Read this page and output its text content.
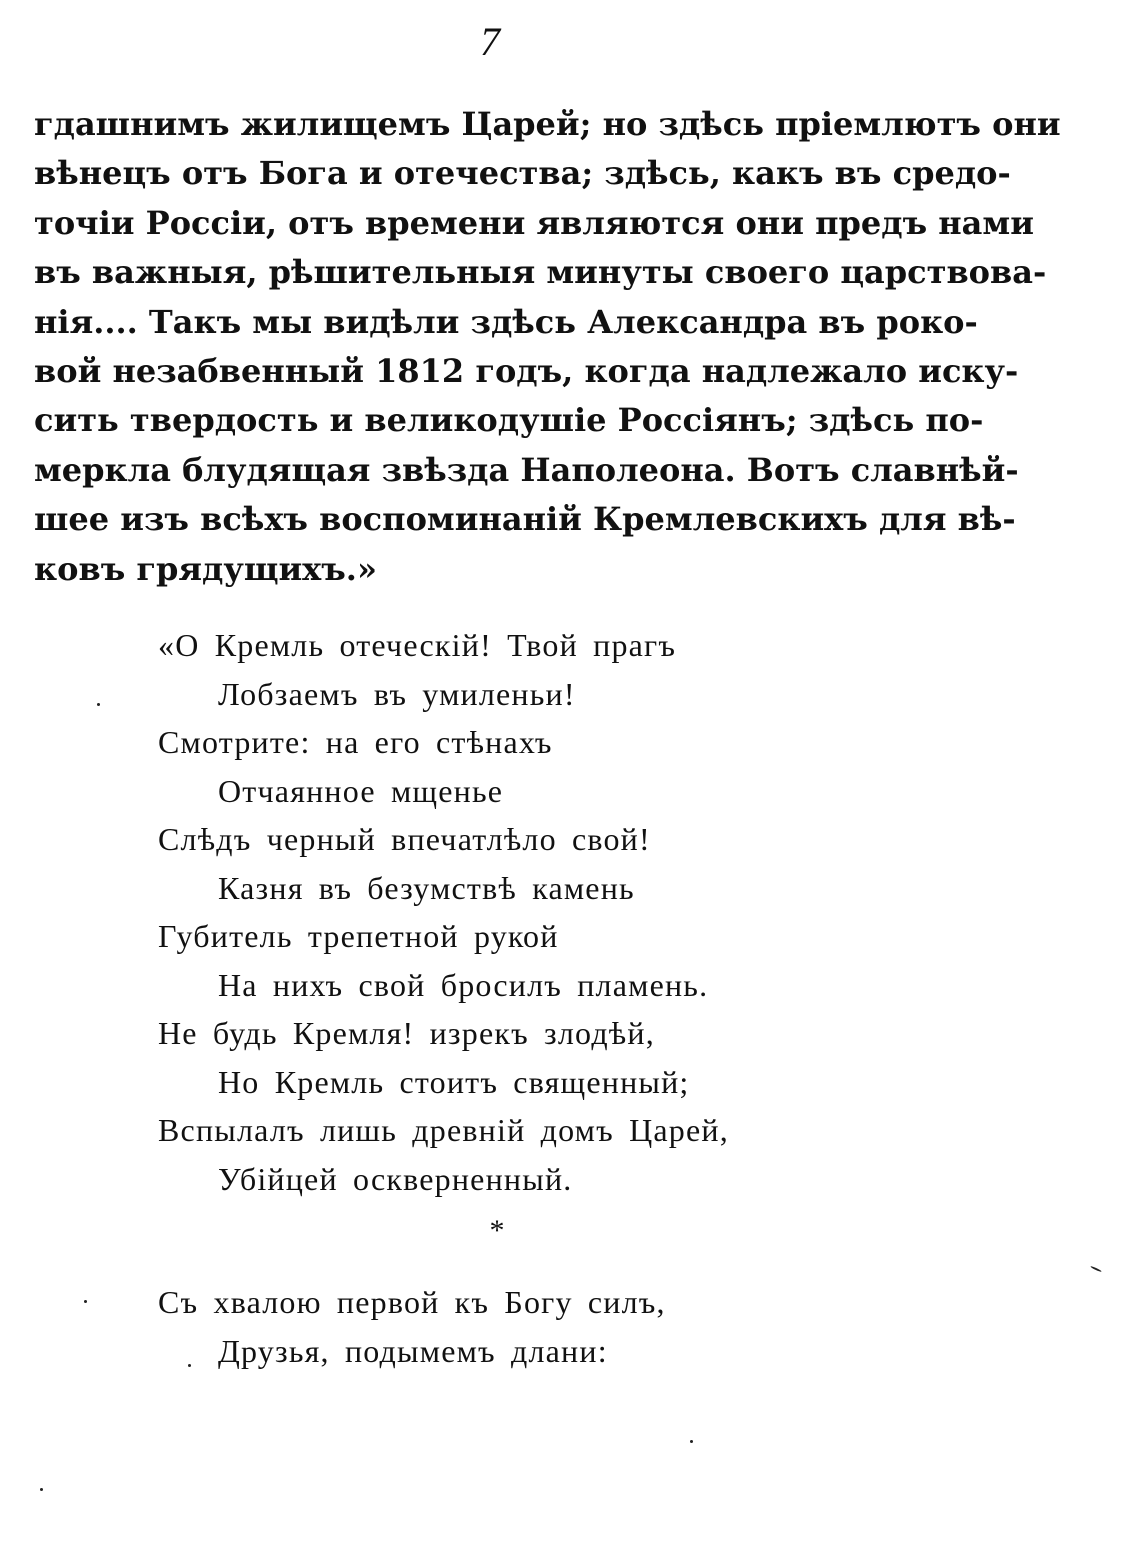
7
гдашнимъ жилищемъ Царей; но здѣсь пріемлютъ они
вѣнецъ отъ Бога и отечества; здѣсь, какъ въ средо-
точіи Россіи, отъ времени являются они предъ нами
въ важныя, рѣшительныя минуты своего царствова-
нія.... Такъ мы видѣли здѣсь Александра въ роко-
вой незабвенный 1812 годъ, когда надлежало иску-
сить твердость и великодушіе Россіянъ; здѣсь по-
меркла блудящая звѣзда Наполеона. Вотъ славнѣй-
шее изъ всѣхъ воспоминаній Кремлевскихъ для вѣ-
ковъ грядущихъ.»
«О Кремль отеческій! Твой прагъ
Лобзаемъ въ умиленьи!
Смотрите: на его стѣнахъ
Отчаянное мщенье
Слѣдъ черный впечатлѣло свой!
Казня въ безумствѣ камень
Губитель трепетной рукой
На нихъ свой бросилъ пламень.
Не будь Кремля! изрекъ злодѣй,
Но Кремль стоитъ священный;
Вспылалъ лишь древній домъ Царей,
Убійцей оскверненный.
*
Съ хвалою первой къ Богу силъ,
Друзья, подымемъ длани:
